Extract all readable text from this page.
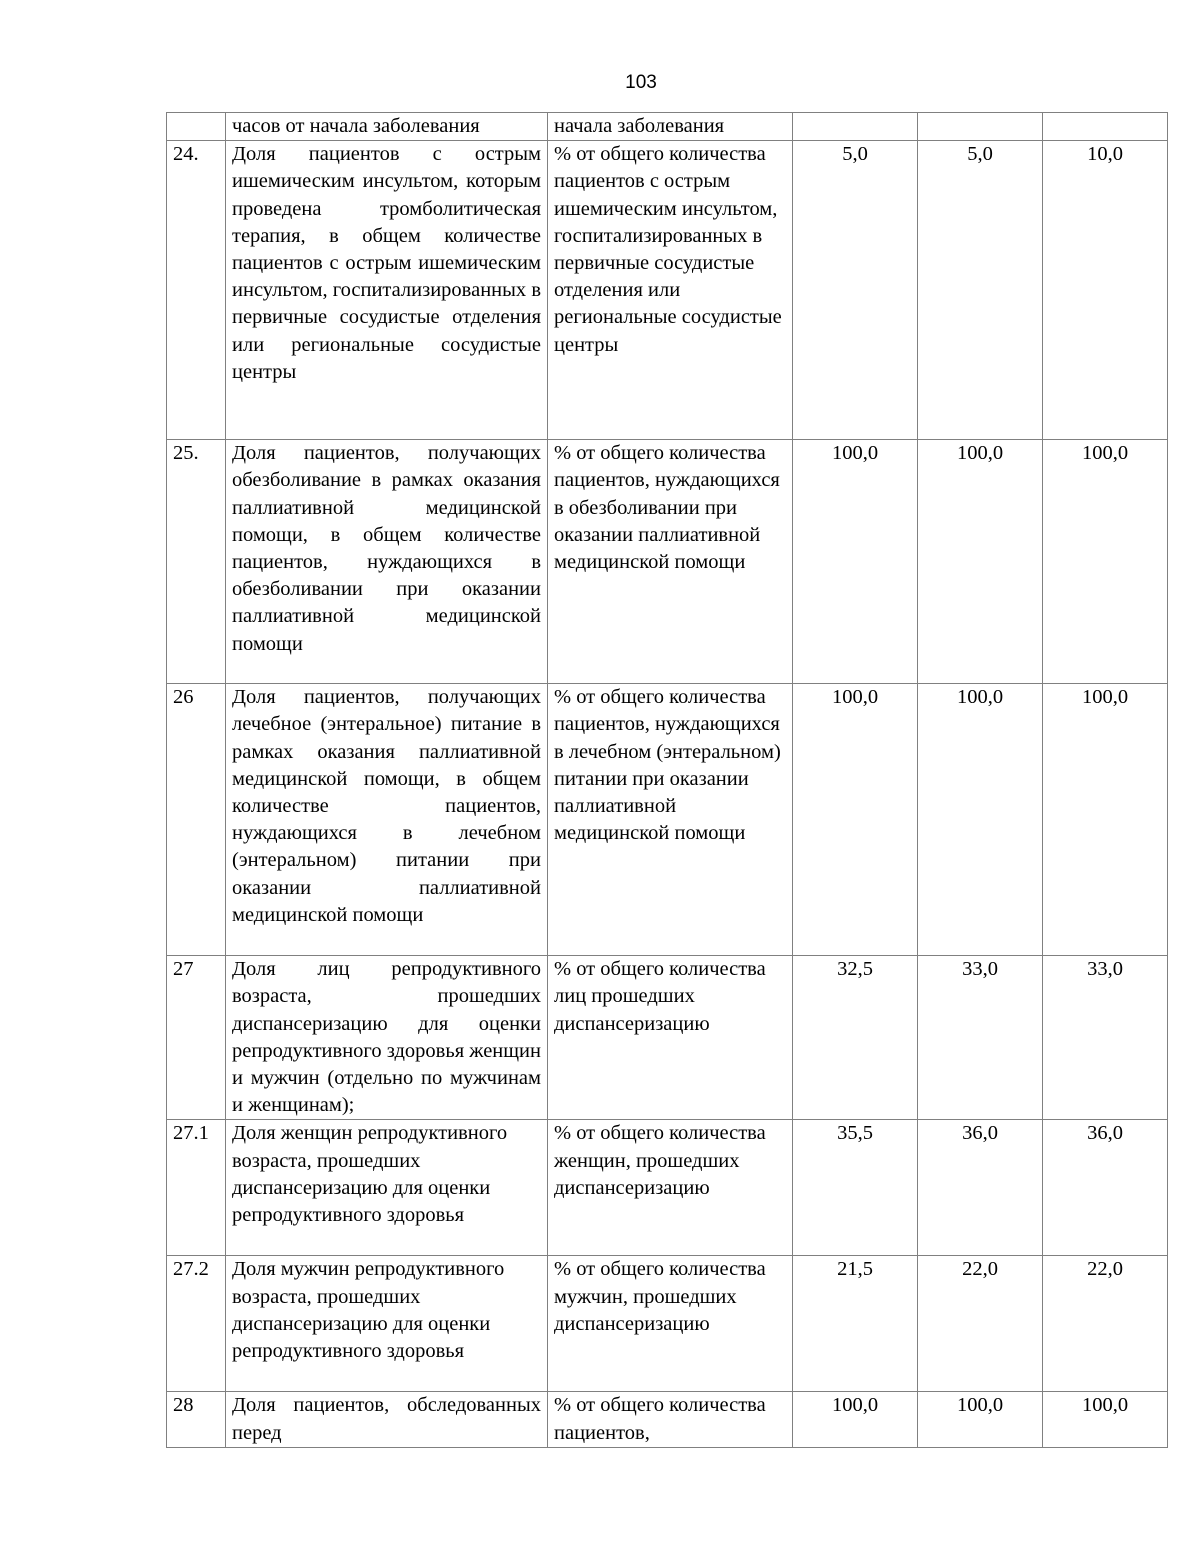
103
	часов от начала заболевания	начала заболевания			
24.	Доля пациентов с острым ишемическим инсультом, которым проведена тромболитическая терапия, в общем количестве пациентов с острым ишемическим инсультом, госпитализированных в первичные сосудистые отделения или региональные сосудистые центры	% от общего количества пациентов с острым ишемическим инсультом, госпитализированных в первичные сосудистые отделения или региональные сосудистые центры	5,0	5,0	10,0
25.	Доля пациентов, получающих обезболивание в рамках оказания паллиативной медицинской помощи, в общем количестве пациентов, нуждающихся в обезболивании при оказании паллиативной медицинской помощи	% от общего количества пациентов, нуждающихся в обезболивании при оказании паллиативной медицинской помощи	100,0	100,0	100,0
26	Доля пациентов, получающих лечебное (энтеральное) питание в рамках оказания паллиативной медицинской помощи, в общем количестве пациентов, нуждающихся в лечебном (энтеральном) питании при оказании паллиативной медицинской помощи	% от общего количества пациентов, нуждающихся в лечебном (энтеральном) питании при оказании паллиативной медицинской помощи	100,0	100,0	100,0
27	Доля лиц репродуктивного возраста, прошедших диспансеризацию для оценки репродуктивного здоровья женщин и мужчин (отдельно по мужчинам и женщинам);	% от общего количества лиц прошедших диспансеризацию	32,5	33,0	33,0
27.1	Доля женщин репродуктивного возраста, прошедших диспансеризацию для оценки репродуктивного здоровья	% от общего количества женщин, прошедших диспансеризацию	35,5	36,0	36,0
27.2	Доля мужчин репродуктивного возраста, прошедших диспансеризацию для оценки репродуктивного здоровья	% от общего количества мужчин, прошедших диспансеризацию	21,5	22,0	22,0
28	Доля пациентов, обследованных перед	% от общего количества пациентов,	100,0	100,0	100,0
